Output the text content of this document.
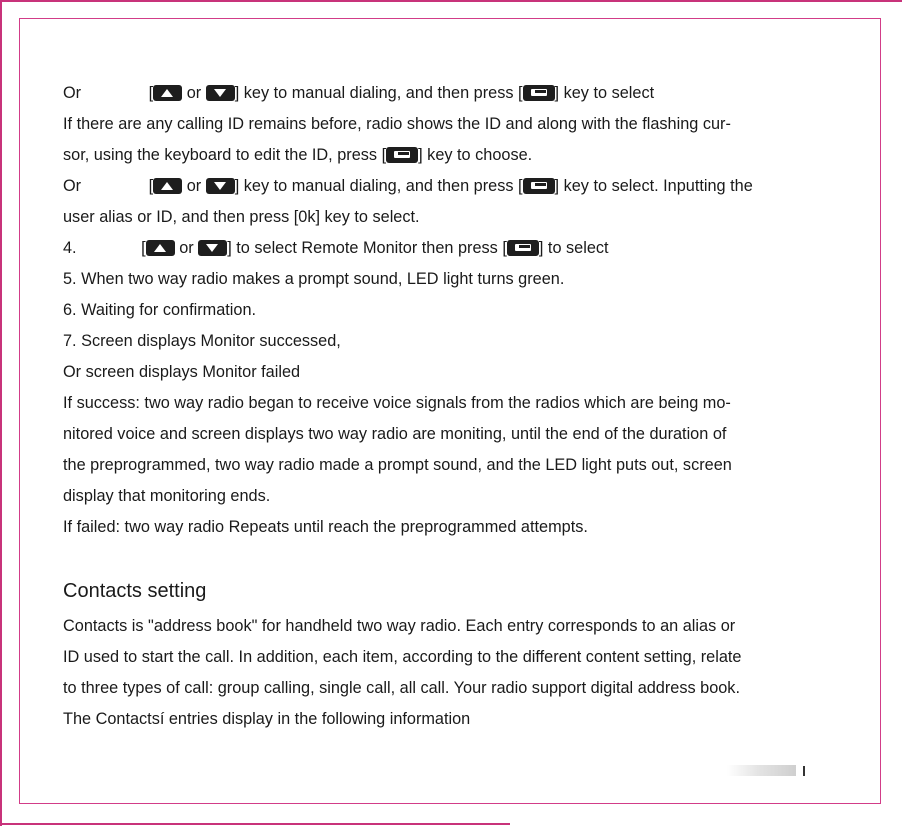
Or	[ or ] key to manual dialing, and then press [ ] key to select
If there are any calling ID remains before, radio shows the ID and along with the flashing cur-
sor, using the keyboard to edit the ID, press [ ] key to choose.
Or	[ or ] key to manual dialing, and then press [ ] key to select. Inputting the
user alias or ID, and then press [0k] key to select.
4.	[ or ] to select Remote Monitor then press [ ] to select
5. When two way radio makes a prompt sound, LED light turns green.
6. Waiting for confirmation.
7. Screen displays Monitor successed,
Or screen displays Monitor failed
If success: two way radio began to receive voice signals from the radios which are being mo-
nitored voice and screen displays two way radio are moniting, until the end of the duration of
the preprogrammed, two way radio made a prompt sound, and the LED light puts out, screen
display that monitoring ends.
If failed: two way radio Repeats until reach the preprogrammed attempts.
Contacts setting
Contacts is "address book" for handheld two way radio. Each entry corresponds to an alias or
ID used to start the call. In addition, each item, according to the different content setting, relate
to three types of call: group calling, single call, all call. Your radio support digital address book.
The Contactsí entries display in the following information
